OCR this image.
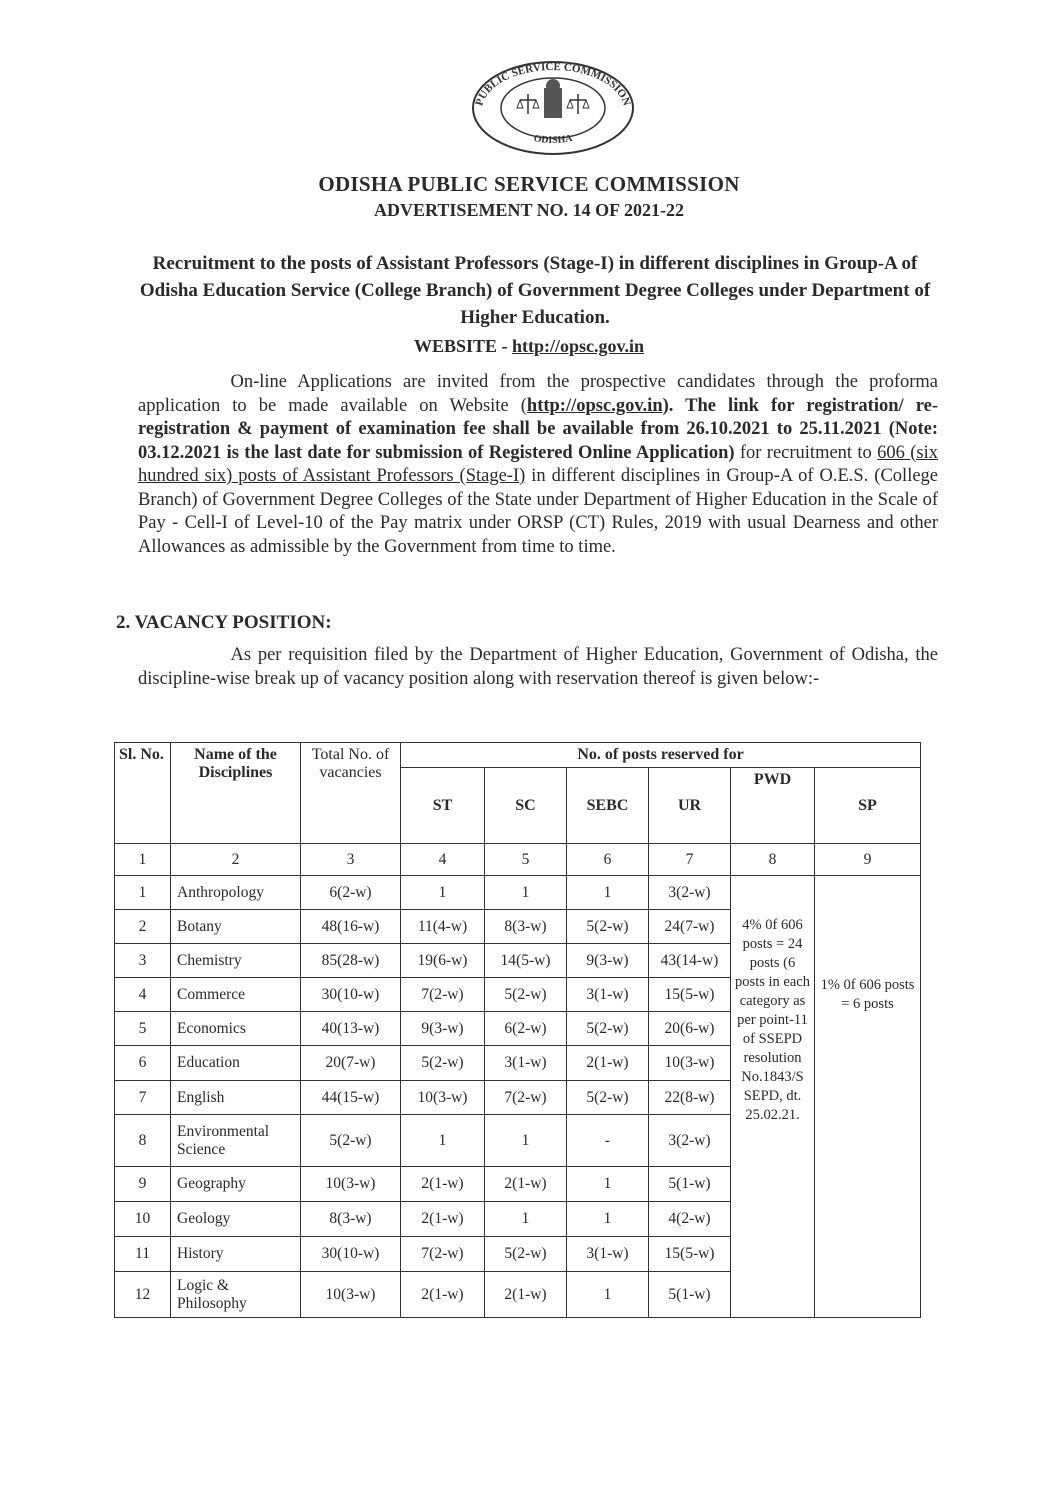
PUBLIC SERVICE COMMISSION
ODISHA
ODISHA PUBLIC SERVICE COMMISSION
ADVERTISEMENT NO. 14 OF 2021-22
Recruitment to the posts of Assistant Professors (Stage-I) in different disciplines in Group-A of Odisha Education Service (College Branch) of Government Degree Colleges under Department of Higher Education.
WEBSITE - http://opsc.gov.in
     On-line Applications are invited from the prospective candidates through the proforma application to be made available on Website (http://opsc.gov.in). The link for registration/ re-registration & payment of examination fee shall be available from 26.10.2021 to 25.11.2021 (Note: 03.12.2021 is the last date for submission of Registered Online Application) for recruitment to 606 (six hundred six) posts of Assistant Professors (Stage-I) in different disciplines in Group-A of O.E.S. (College Branch) of Government Degree Colleges of the State under Department of Higher Education in the Scale of Pay - Cell-I of Level-10 of the Pay matrix under ORSP (CT) Rules, 2019 with usual Dearness and other Allowances as admissible by the Government from time to time.
2. VACANCY POSITION:
     As per requisition filed by the Department of Higher Education, Government of Odisha, the discipline-wise break up of vacancy position along with reservation thereof is given below:-
Sl. No.	Name of the Disciplines	Total No. of vacancies	No. of posts reserved for					
			ST	SC	SEBC	UR	PWD	SP
1	2	3	4	5	6	7	8	9
1	Anthropology	6(2-w)	1	1	1	3(2-w)	4% 0f 606 posts = 24 posts (6 posts in each category as per point-11 of SSEPD resolution No.1843/S SEPD, dt. 25.02.21.	1% 0f 606 posts = 6 posts
2	Botany	48(16-w)	11(4-w)	8(3-w)	5(2-w)	24(7-w)		
3	Chemistry	85(28-w)	19(6-w)	14(5-w)	9(3-w)	43(14-w)		
4	Commerce	30(10-w)	7(2-w)	5(2-w)	3(1-w)	15(5-w)		
5	Economics	40(13-w)	9(3-w)	6(2-w)	5(2-w)	20(6-w)		
6	Education	20(7-w)	5(2-w)	3(1-w)	2(1-w)	10(3-w)		
7	English	44(15-w)	10(3-w)	7(2-w)	5(2-w)	22(8-w)		
8	Environmental Science	5(2-w)	1	1	-	3(2-w)		
9	Geography	10(3-w)	2(1-w)	2(1-w)	1	5(1-w)		
10	Geology	8(3-w)	2(1-w)	1	1	4(2-w)		
11	History	30(10-w)	7(2-w)	5(2-w)	3(1-w)	15(5-w)		
12	Logic & Philosophy	10(3-w)	2(1-w)	2(1-w)	1	5(1-w)		
